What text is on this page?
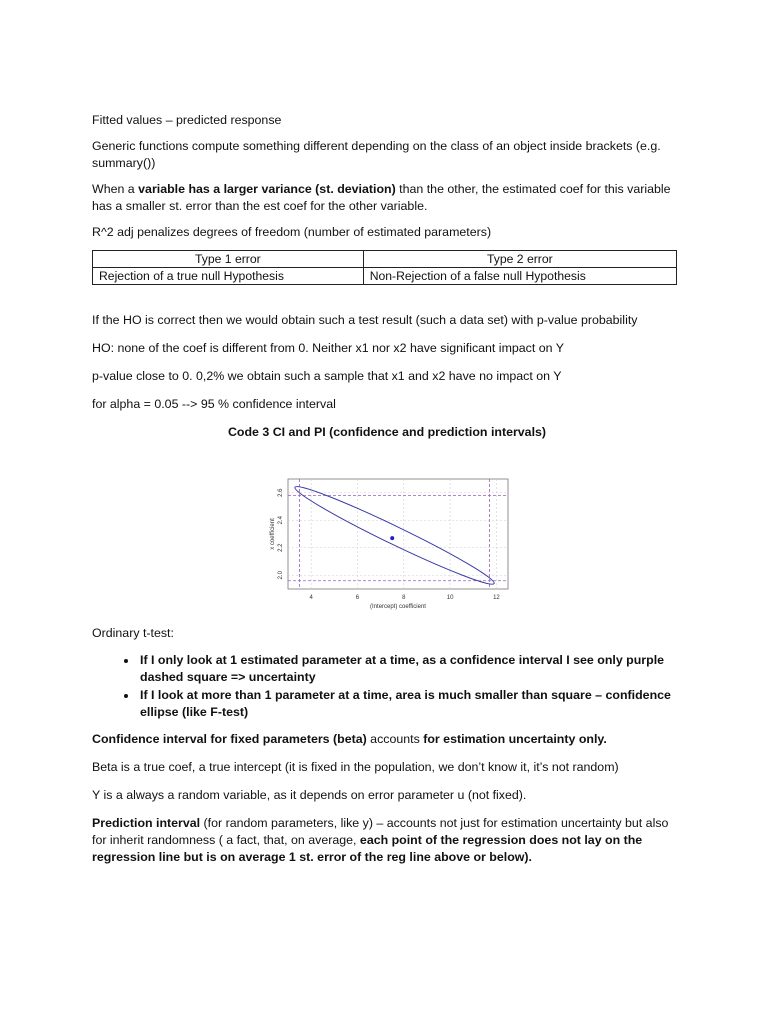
Fitted values – predicted response

Generic functions compute something different depending on the class of an object inside brackets (e.g. summary())

When a variable has a larger variance (st. deviation) than the other, the estimated coef for this variable has a smaller st. error than the est coef for the other variable.

R^2 adj penalizes degrees of freedom (number of estimated parameters)

Type 1 error	Type 2 error
Rejection of a true null Hypothesis	Non-Rejection of a false null Hypothesis

If the HO is correct then we would obtain such a test result (such a data set) with p-value probability

HO: none of the coef is different from 0. Neither x1 nor x2 have significant impact on Y

p-value close to 0. 0,2% we obtain such a sample that x1 and x2 have no impact on Y

for alpha = 0.05 --> 95 % confidence interval

Code 3 CI and PI (confidence and prediction intervals)

4	6	8	10	12
2.0
2.2
2.4
2.6
(Intercept) coefficient
x coefficient

Ordinary t-test:

• If I only look at 1 estimated parameter at a time, as a confidence interval I see only purple dashed square => uncertainty
• If I look at more than 1 parameter at a time, area is much smaller than square – confidence ellipse (like F-test)

Confidence interval for fixed parameters (beta) accounts for estimation uncertainty only.

Beta is a true coef, a true intercept (it is fixed in the population, we don’t know it, it’s not random)

Y is a always a random variable, as it depends on error parameter u (not fixed).

Prediction interval (for random parameters, like y) – accounts not just for estimation uncertainty but also for inherit randomness ( a fact, that, on average, each point of the regression does not lay on the regression line but is on average 1 st. error of the reg line above or below).
